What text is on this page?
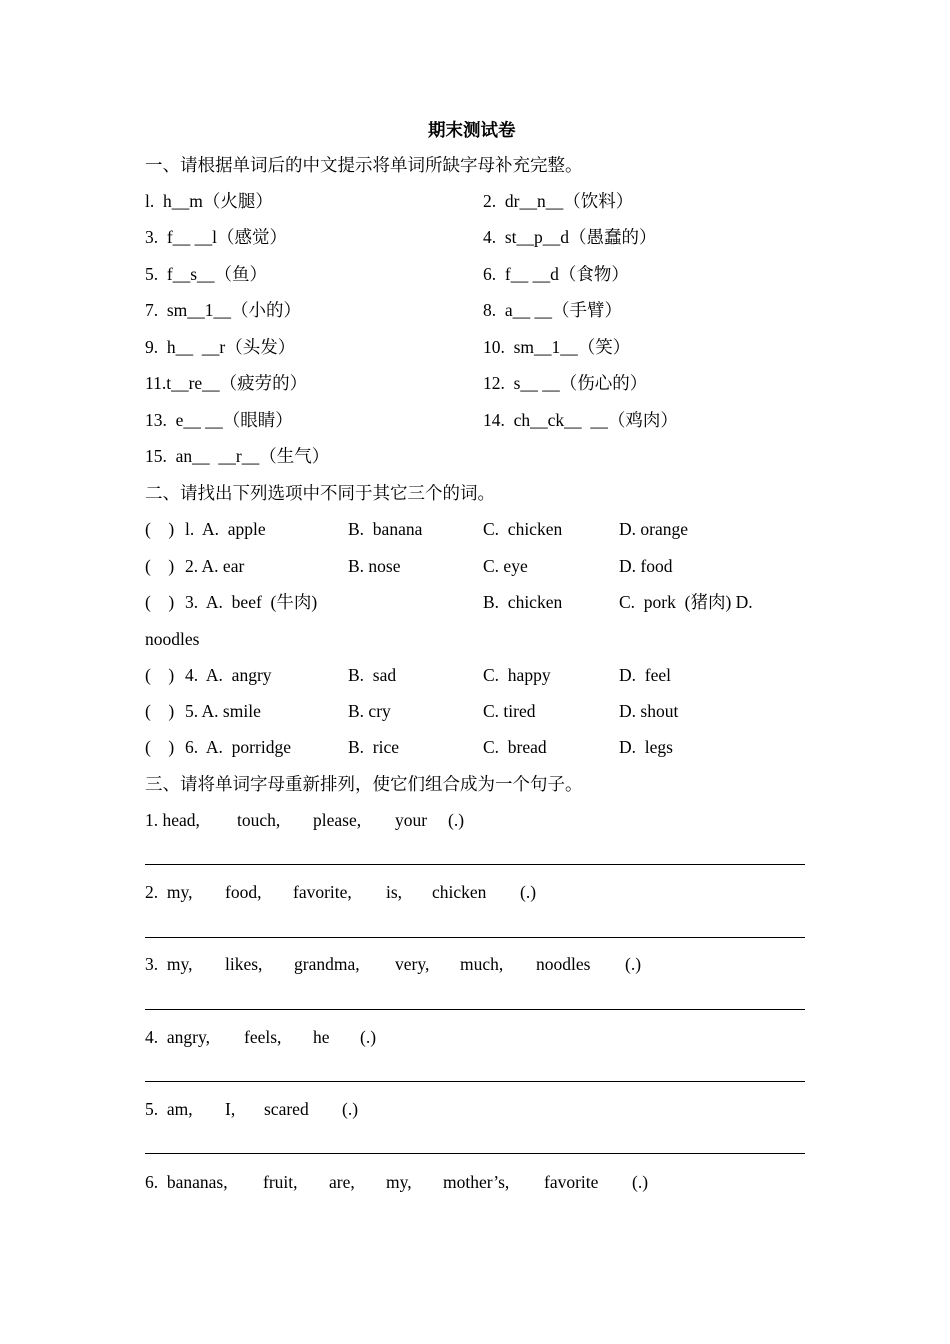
期末测试卷
一、请根据单词后的中文提示将单词所缺字母补充完整。
l.  h__m（火腿）	2.  dr__n__（饮料）
3.  f__ __l（感觉）	4.  st__p__d（愚蠢的）
5.  f__s__（鱼）	6.  f__ __d（食物）
7.  sm__1__（小的）	8.  a__ __（手臂）
9.  h__  __r（头发）	10.  sm__1__（笑）
11.t__re__（疲劳的）	12.  s__ __（伤心的）
13.  e__ __（眼睛）	14.  ch__ck__  __（鸡肉）
15.  an__  __r__（生气）
二、请找出下列选项中不同于其它三个的词。
(    ) l.  A.  apple	B.  banana	C.  chicken	D. orange
(    ) 2. A. ear	B. nose	C. eye	D. food
(    ) 3.  A.  beef  (牛肉)	B.  chicken	C.  pork  (猪肉) D.
noodles
(    ) 4.  A.  angry	B.  sad	C.  happy	D.  feel
(    ) 5. A. smile	B. cry	C. tired	D. shout
(    ) 6.  A.  porridge	B.  rice	C.  bread	D.  legs
三、请将单词字母重新排列，使它们组合成为一个句子。
1. head, touch, please, your (.)
2.  my, food, favorite, is, chicken (.)
3.  my, likes, grandma, very, much, noodles (.)
4.  angry, feels, he (.)
5.  am, I, scared (.)
6.  bananas, fruit, are, my, mother’s, favorite (.)
